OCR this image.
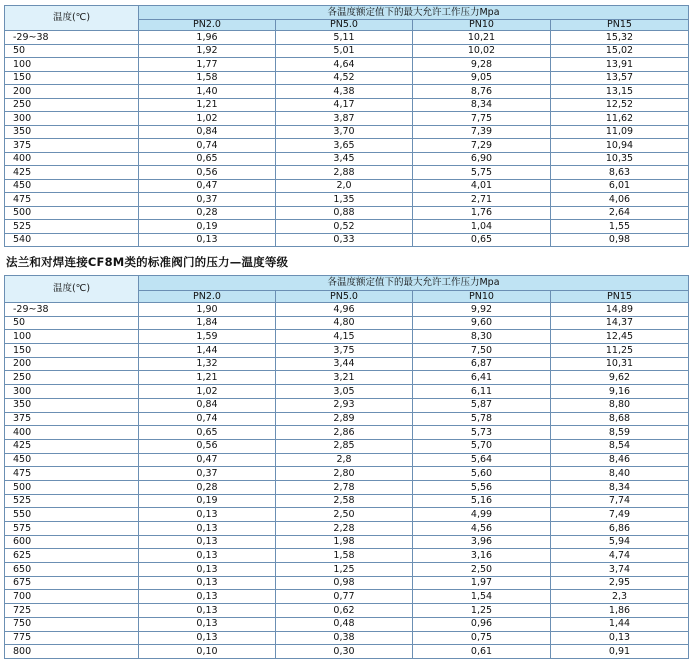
温度(℃)	各温度额定值下的最大允许工作压力Mpa			
	PN2.0	PN5.0	PN10	PN15
-29~38	1,96	5,11	10,21	15,32
50	1,92	5,01	10,02	15,02
100	1,77	4,64	9,28	13,91
150	1,58	4,52	9,05	13,57
200	1,40	4,38	8,76	13,15
250	1,21	4,17	8,34	12,52
300	1,02	3,87	7,75	11,62
350	0,84	3,70	7,39	11,09
375	0,74	3,65	7,29	10,94
400	0,65	3,45	6,90	10,35
425	0,56	2,88	5,75	8,63
450	0,47	2,0	4,01	6,01
475	0,37	1,35	2,71	4,06
500	0,28	0,88	1,76	2,64
525	0,19	0,52	1,04	1,55
540	0,13	0,33	0,65	0,98
法兰和对焊连接CF8M类的标准阀门的压力—温度等级
温度(℃)	各温度额定值下的最大允许工作压力Mpa			
	PN2.0	PN5.0	PN10	PN15
-29~38	1,90	4,96	9,92	14,89
50	1,84	4,80	9,60	14,37
100	1,59	4,15	8,30	12,45
150	1,44	3,75	7,50	11,25
200	1,32	3,44	6,87	10,31
250	1,21	3,21	6,41	9,62
300	1,02	3,05	6,11	9,16
350	0,84	2,93	5,87	8,80
375	0,74	2,89	5,78	8,68
400	0,65	2,86	5,73	8,59
425	0,56	2,85	5,70	8,54
450	0,47	2,8	5,64	8,46
475	0,37	2,80	5,60	8,40
500	0,28	2,78	5,56	8,34
525	0,19	2,58	5,16	7,74
550	0,13	2,50	4,99	7,49
575	0,13	2,28	4,56	6,86
600	0,13	1,98	3,96	5,94
625	0,13	1,58	3,16	4,74
650	0,13	1,25	2,50	3,74
675	0,13	0,98	1,97	2,95
700	0,13	0,77	1,54	2,3
725	0,13	0,62	1,25	1,86
750	0,13	0,48	0,96	1,44
775	0,13	0,38	0,75	0,13
800	0,10	0,30	0,61	0,91
